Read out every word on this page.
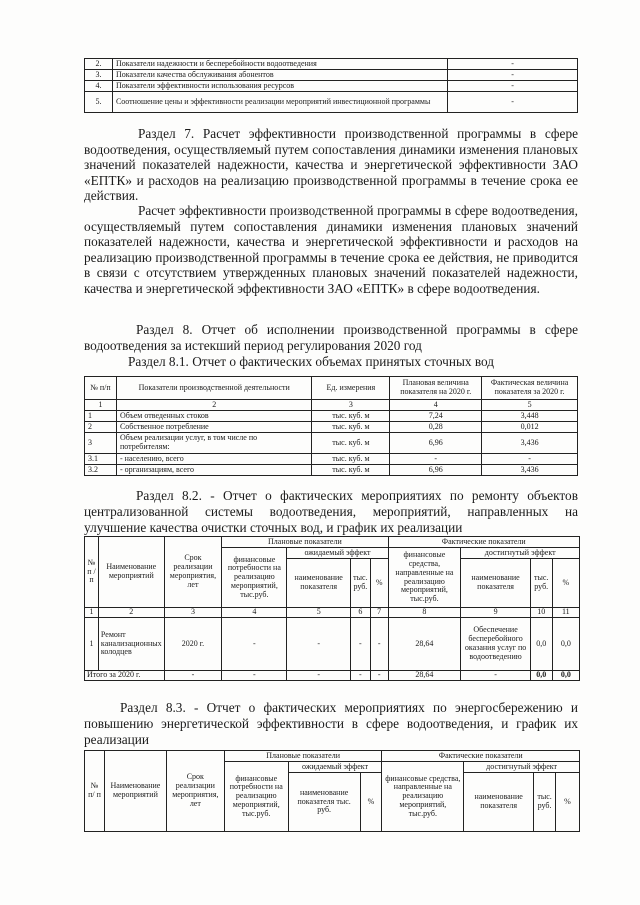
2.	Показатели надежности и бесперебойности водоотведения	-
3.	Показатели качества обслуживания абонентов	-
4.	Показатели эффективности использования ресурсов	-
5.	Соотношение цены и эффективности реализации мероприятий инвестиционной программы	-

Раздел 7. Расчет эффективности производственной программы в сфере водоотведения, осуществляемый путем сопоставления динамики изменения плановых значений показателей надежности, качества и энергетической эффективности ЗАО «ЕПТК» и расходов на реализацию производственной программы в течение срока ее действия.

Расчет эффективности производственной программы в сфере водоотведения, осуществляемый путем сопоставления динамики изменения плановых значений показателей надежности, качества и энергетической эффективности и расходов на реализацию производственной программы в течение срока ее действия, не приводится в связи с отсутствием утвержденных плановых значений показателей надежности, качества и энергетической эффективности ЗАО «ЕПТК» в сфере водоотведения.

Раздел 8. Отчет об исполнении производственной программы в сфере

водоотведения за истекший период регулирования 2020 год

Раздел 8.1. Отчет о фактических объемах принятых сточных вод

№ п/п	Показатели производственной деятельности	Ед. измерения	Плановая величина показателя на 2020 г.	Фактическая величина показателя за 2020 г.
1	2	3	4	5
1	Объем отведенных стоков	тыс. куб. м	7,24	3,448
2	Собственное потребление	тыс. куб. м	0,28	0,012
3	Объем реализации услуг, в том числе по потребителям:	тыс. куб. м	6,96	3,436
3.1	- населению, всего	тыс. куб. м	-	-
3.2	- организациям, всего	тыс. куб. м	6,96	3,436

Раздел 8.2. - Отчет о фактических мероприятиях по ремонту объектов

централизованной системы водоотведения, мероприятий, направленных на

улучшение качества очистки сточных вод, и график их реализации

№ п / п	Наименование мероприятий	Срок реализации мероприятия, лет	Плановые показатели				Фактические показатели			
			финансовые потребности на реализацию мероприятий, тыс.руб.	ожидаемый эффект			финансовые средства, направленные на реализацию мероприятий, тыс.руб.	достигнутый эффект		
				наименование показателя	тыс. руб.	%		наименование показателя	тыс. руб.	%
1	2	3	4	5	6	7	8	9	10	11
1	Ремонт канализационных колодцев	2020 г.	-	-	-	-	28,64	Обеспечение бесперебойного оказания услуг по водоотведению	0,0	0,0
Итого за 2020 г.		-	-	-	-	-	28,64	-	0,0	0,0

Раздел 8.3. - Отчет о фактических мероприятиях по энергосбережению и

повышению энергетической эффективности в сфере водоотведения, и график их

реализации

№ п/ п	Наименование мероприятий	Срок реализации мероприятия, лет	Плановые показатели			Фактические показатели			
			финансовые потребности на реализацию мероприятий, тыс.руб.	ожидаемый эффект		финансовые средства, направленные на реализацию мероприятий, тыс.руб.	достигнутый эффект		
				наименование показателя тыс. руб.	%		наименование показателя	тыс. руб.	%
